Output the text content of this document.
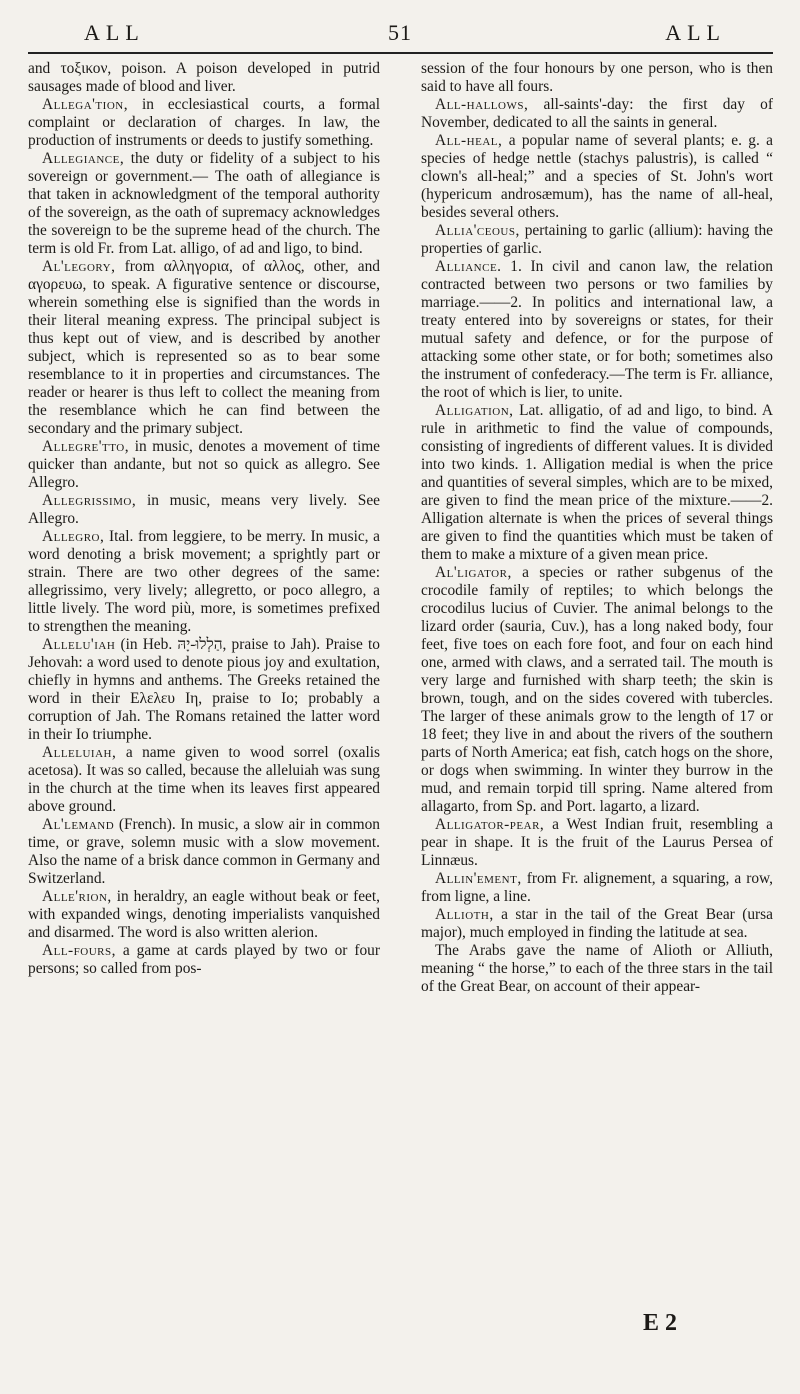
ALL	51	ALL

and τοξικον, poison. A poison developed in putrid sausages made of blood and liver.

Allega'tion, in ecclesiastical courts, a formal complaint or declaration of charges. In law, the production of instruments or deeds to justify something.

Allegiance, the duty or fidelity of a subject to his sovereign or government.— The oath of allegiance is that taken in acknowledgment of the temporal authority of the sovereign, as the oath of supremacy acknowledges the sovereign to be the supreme head of the church. The term is old Fr. from Lat. alligo, of ad and ligo, to bind.

Al'legory, from αλληγορια, of αλλος, other, and αγορευω, to speak. A figurative sentence or discourse, wherein something else is signified than the words in their literal meaning express. The principal subject is thus kept out of view, and is described by another subject, which is represented so as to bear some resemblance to it in properties and circumstances. The reader or hearer is thus left to collect the meaning from the resemblance which he can find between the secondary and the primary subject.

Allegre'tto, in music, denotes a movement of time quicker than andante, but not so quick as allegro. See Allegro.

Allegrissimo, in music, means very lively. See Allegro.

Allegro, Ital. from leggiere, to be merry. In music, a word denoting a brisk movement; a sprightly part or strain. There are two other degrees of the same: allegrissimo, very lively; allegretto, or poco allegro, a little lively. The word più, more, is sometimes prefixed to strengthen the meaning.

Allelu'iah (in Heb. הַלְלוּ-יָהּ, praise to Jah). Praise to Jehovah: a word used to denote pious joy and exultation, chiefly in hymns and anthems. The Greeks retained the word in their Ελελευ Ιη, praise to Io; probably a corruption of Jah. The Romans retained the latter word in their Io triumphe.

Alleluiah, a name given to wood sorrel (oxalis acetosa). It was so called, because the alleluiah was sung in the church at the time when its leaves first appeared above ground.

Al'lemand (French). In music, a slow air in common time, or grave, solemn music with a slow movement. Also the name of a brisk dance common in Germany and Switzerland.

Alle'rion, in heraldry, an eagle without beak or feet, with expanded wings, denoting imperialists vanquished and disarmed. The word is also written alerion.

All-fours, a game at cards played by two or four persons; so called from pos-

session of the four honours by one person, who is then said to have all fours.

All-hallows, all-saints'-day: the first day of November, dedicated to all the saints in general.

All-heal, a popular name of several plants; e. g. a species of hedge nettle (stachys palustris), is called “ clown's all-heal;” and a species of St. John's wort (hypericum androsæmum), has the name of all-heal, besides several others.

Allia'ceous, pertaining to garlic (allium): having the properties of garlic.

Alliance. 1. In civil and canon law, the relation contracted between two persons or two families by marriage.——2. In politics and international law, a treaty entered into by sovereigns or states, for their mutual safety and defence, or for the purpose of attacking some other state, or for both; sometimes also the instrument of confederacy.—The term is Fr. alliance, the root of which is lier, to unite.

Alligation, Lat. alligatio, of ad and ligo, to bind. A rule in arithmetic to find the value of compounds, consisting of ingredients of different values. It is divided into two kinds. 1. Alligation medial is when the price and quantities of several simples, which are to be mixed, are given to find the mean price of the mixture.——2. Alligation alternate is when the prices of several things are given to find the quantities which must be taken of them to make a mixture of a given mean price.

Al'ligator, a species or rather subgenus of the crocodile family of reptiles; to which belongs the crocodilus lucius of Cuvier. The animal belongs to the lizard order (sauria, Cuv.), has a long naked body, four feet, five toes on each fore foot, and four on each hind one, armed with claws, and a serrated tail. The mouth is very large and furnished with sharp teeth; the skin is brown, tough, and on the sides covered with tubercles. The larger of these animals grow to the length of 17 or 18 feet; they live in and about the rivers of the southern parts of North America; eat fish, catch hogs on the shore, or dogs when swimming. In winter they burrow in the mud, and remain torpid till spring. Name altered from allagarto, from Sp. and Port. lagarto, a lizard.

Alligator-pear, a West Indian fruit, resembling a pear in shape. It is the fruit of the Laurus Persea of Linnæus.

Allin'ement, from Fr. alignement, a squaring, a row, from ligne, a line.

Allioth, a star in the tail of the Great Bear (ursa major), much employed in finding the latitude at sea.

The Arabs gave the name of Alioth or Alliuth, meaning “ the horse,” to each of the three stars in the tail of the Great Bear, on account of their appear-

E 2
